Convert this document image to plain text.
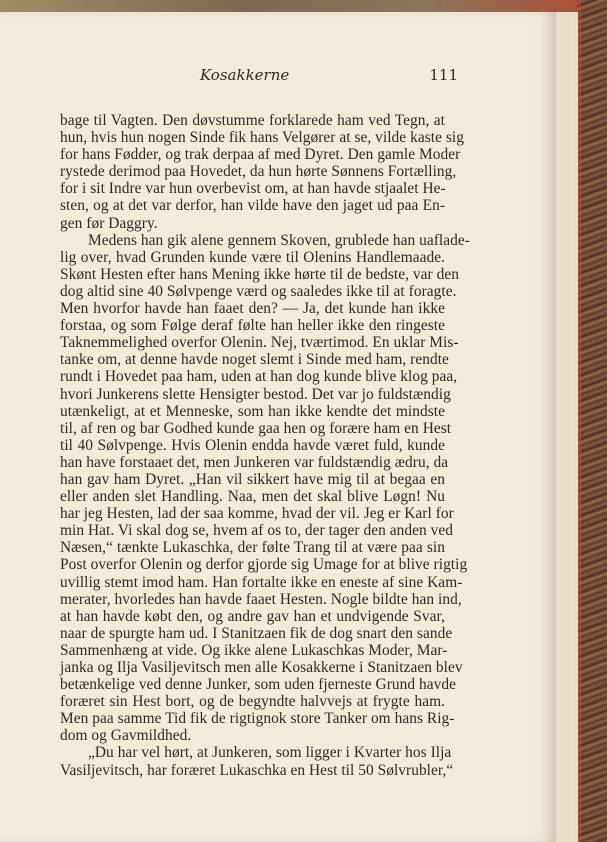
Kosakkerne	111
bage til Vagten. Den døvstumme forklarede ham ved Tegn, at
hun, hvis hun nogen Sinde fik hans Velgører at se, vilde kaste sig
for hans Fødder, og trak derpaa af med Dyret. Den gamle Moder
rystede derimod paa Hovedet, da hun hørte Sønnens Fortælling,
for i sit Indre var hun overbevist om, at han havde stjaalet He-
sten, og at det var derfor, han vilde have den jaget ud paa En-
gen før Daggry.
Medens han gik alene gennem Skoven, grublede han uaflade-
lig over, hvad Grunden kunde være til Olenins Handlemaade.
Skønt Hesten efter hans Mening ikke hørte til de bedste, var den
dog altid sine 40 Sølvpenge værd og saaledes ikke til at foragte.
Men hvorfor havde han faaet den? — Ja, det kunde han ikke
forstaa, og som Følge deraf følte han heller ikke den ringeste
Taknemmelighed overfor Olenin. Nej, tværtimod. En uklar Mis-
tanke om, at denne havde noget slemt i Sinde med ham, rendte
rundt i Hovedet paa ham, uden at han dog kunde blive klog paa,
hvori Junkerens slette Hensigter bestod. Det var jo fuldstændig
utænkeligt, at et Menneske, som han ikke kendte det mindste
til, af ren og bar Godhed kunde gaa hen og forære ham en Hest
til 40 Sølvpenge. Hvis Olenin endda havde været fuld, kunde
han have forstaaet det, men Junkeren var fuldstændig ædru, da
han gav ham Dyret. „Han vil sikkert have mig til at begaa en
eller anden slet Handling. Naa, men det skal blive Løgn! Nu
har jeg Hesten, lad der saa komme, hvad der vil. Jeg er Karl for
min Hat. Vi skal dog se, hvem af os to, der tager den anden ved
Næsen,“ tænkte Lukaschka, der følte Trang til at være paa sin
Post overfor Olenin og derfor gjorde sig Umage for at blive rigtig
uvillig stemt imod ham. Han fortalte ikke en eneste af sine Kam-
merater, hvorledes han havde faaet Hesten. Nogle bildte han ind,
at han havde købt den, og andre gav han et undvigende Svar,
naar de spurgte ham ud. I Stanitzaen fik de dog snart den sande
Sammenhæng at vide. Og ikke alene Lukaschkas Moder, Mar-
janka og Ilja Vasiljevitsch men alle Kosakkerne i Stanitzaen blev
betænkelige ved denne Junker, som uden fjerneste Grund havde
foræret sin Hest bort, og de begyndte halvvejs at frygte ham.
Men paa samme Tid fik de rigtignok store Tanker om hans Rig-
dom og Gavmildhed.
„Du har vel hørt, at Junkeren, som ligger i Kvarter hos Ilja
Vasiljevitsch, har foræret Lukaschka en Hest til 50 Sølvrubler,“
